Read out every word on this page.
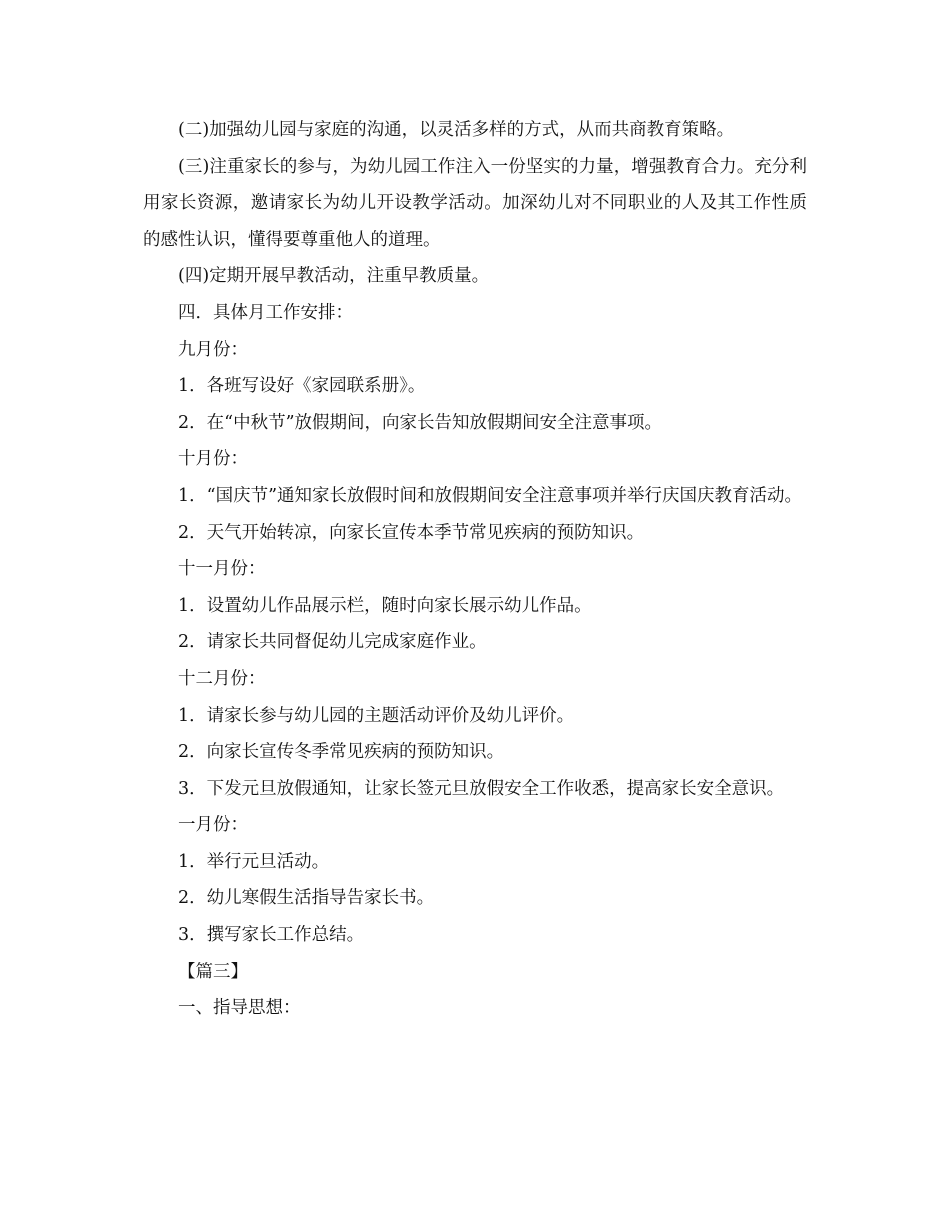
(二)加强幼儿园与家庭的沟通，以灵活多样的方式，从而共商教育策略。

(三)注重家长的参与，为幼儿园工作注入一份坚实的力量，增强教育合力。充分利用家长资源，邀请家长为幼儿开设教学活动。加深幼儿对不同职业的人及其工作性质的感性认识，懂得要尊重他人的道理。

(四)定期开展早教活动，注重早教质量。

四．具体月工作安排：

九月份：

1．各班写设好《家园联系册》。

2．在“中秋节”放假期间，向家长告知放假期间安全注意事项。

十月份：

1．“国庆节”通知家长放假时间和放假期间安全注意事项并举行庆国庆教育活动。

2．天气开始转凉，向家长宣传本季节常见疾病的预防知识。

十一月份：

1．设置幼儿作品展示栏，随时向家长展示幼儿作品。

2．请家长共同督促幼儿完成家庭作业。

十二月份：

1．请家长参与幼儿园的主题活动评价及幼儿评价。

2．向家长宣传冬季常见疾病的预防知识。

3．下发元旦放假通知，让家长签元旦放假安全工作收悉，提高家长安全意识。

一月份：

1．举行元旦活动。

2．幼儿寒假生活指导告家长书。

3．撰写家长工作总结。

【篇三】

一、指导思想：
